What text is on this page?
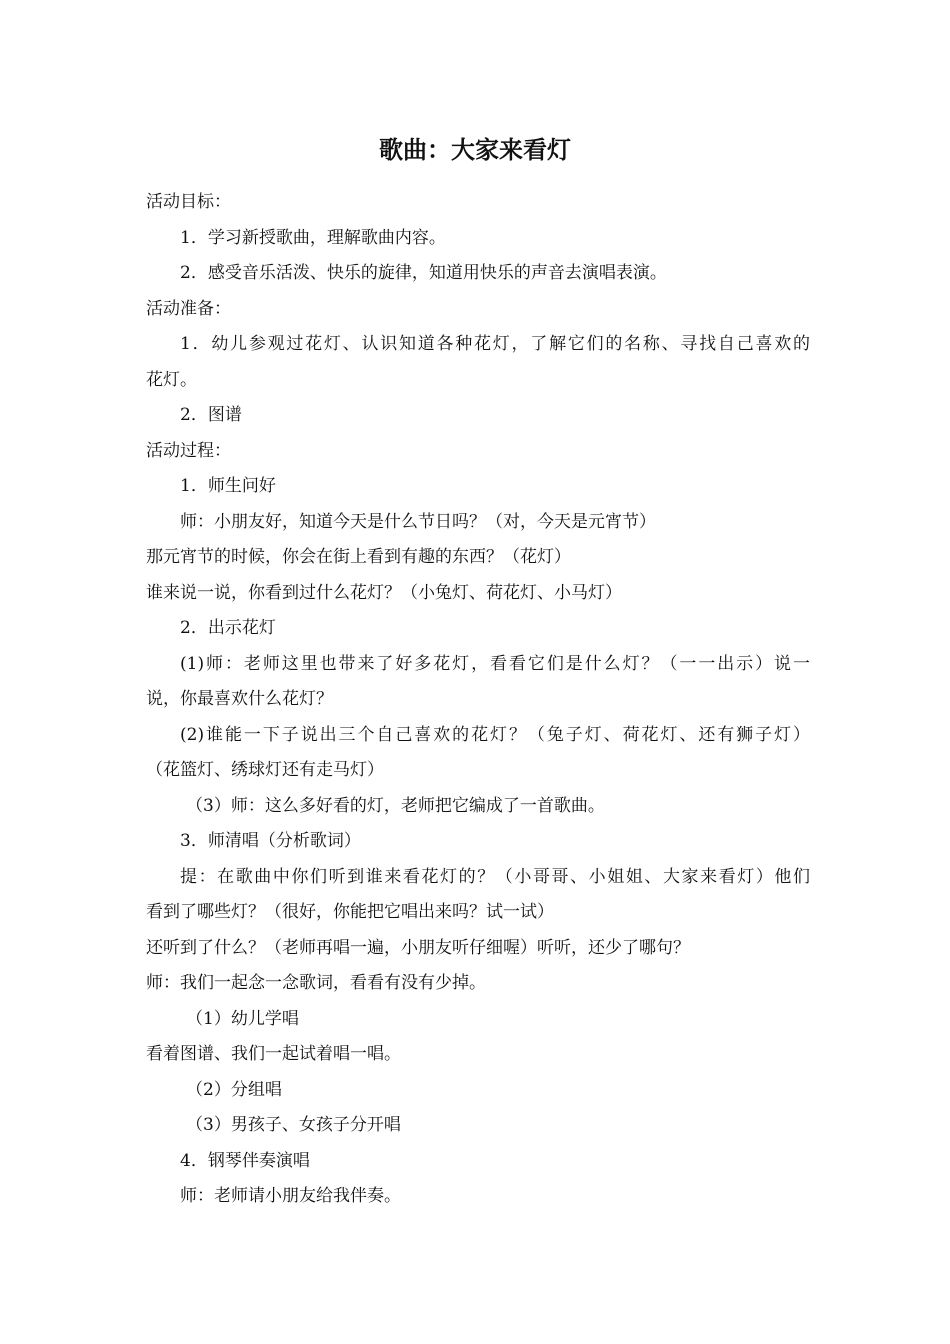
歌曲：大家来看灯

活动目标：

1．学习新授歌曲，理解歌曲内容。

2．感受音乐活泼、快乐的旋律，知道用快乐的声音去演唱表演。

活动准备：

1．幼儿参观过花灯、认识知道各种花灯，了解它们的名称、寻找自己喜欢的

花灯。

2．图谱

活动过程：

1．师生问好

师：小朋友好，知道今天是什么节日吗？（对，今天是元宵节）

那元宵节的时候，你会在街上看到有趣的东西？（花灯）

谁来说一说，你看到过什么花灯？（小兔灯、荷花灯、小马灯）

2．出示花灯

(1)师：老师这里也带来了好多花灯，看看它们是什么灯？（一一出示）说一

说，你最喜欢什么花灯？

(2)谁能一下子说出三个自己喜欢的花灯？（兔子灯、荷花灯、还有狮子灯）

（花篮灯、绣球灯还有走马灯）

（3）师：这么多好看的灯，老师把它编成了一首歌曲。

3．师清唱（分析歌词）

提：在歌曲中你们听到谁来看花灯的？（小哥哥、小姐姐、大家来看灯）他们

看到了哪些灯？（很好，你能把它唱出来吗？试一试）

还听到了什么？（老师再唱一遍，小朋友听仔细喔）听听，还少了哪句？

师：我们一起念一念歌词，看看有没有少掉。

（1）幼儿学唱

看着图谱、我们一起试着唱一唱。

（2）分组唱

（3）男孩子、女孩子分开唱

4．钢琴伴奏演唱

师：老师请小朋友给我伴奏。
